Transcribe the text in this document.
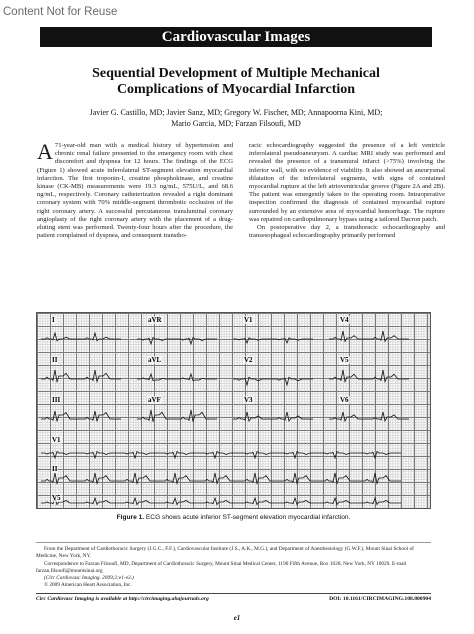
Content Not for Reuse
Cardiovascular Images
Sequential Development of Multiple Mechanical
Complications of Myocardial Infarction
Javier G. Castillo, MD; Javier Sanz, MD; Gregory W. Fischer, MD; Annapoorna Kini, MD;
Mario Garcia, MD; Farzan Filsoufi, MD

A 71-year-old man with a medical history of hypertension and chronic renal failure presented to the emergency room with chest discomfort and dyspnea for 12 hours. The findings of the ECG (Figure 1) showed acute inferolateral ST-segment elevation myocardial infarction. The first troponin-I, creatine phosphokinase, and creatine kinase (CK-MB) measurements were 19.3 ng/mL, 575U/L, and 68.6 ng/mL, respectively. Coronary catheterization revealed a right dominant coronary system with 70% middle-segment thrombotic occlusion of the right coronary artery. A successful percutaneous transluminal coronary angioplasty of the right coronary artery with the placement of a drug-eluting stent was performed. Twenty-four hours after the procedure, the patient complained of dyspnea, and consequent transtho-

racic echocardiography suggested the presence of a left ventricle inferolateral pseudoaneurysm. A cardiac MRI study was performed and revealed the presence of a transmural infarct (>75%) involving the inferior wall, with no evidence of viability. It also showed an aneurysmal dilatation of the inferolateral segments, with signs of contained myocardial rupture at the left atrioventricular groove (Figure 2A and 2B). The patient was emergently taken to the operating room. Intraoperative inspection confirmed the diagnosis of contained myocardial rupture surrounded by an extensive area of myocardial hemorrhage. The rupture was repaired on cardiopulmonary bypass using a tailored Dacron patch.

On postoperative day 2, a transthoracic echocardiography and transesophageal echocardiography primarily performed

I	aVR	V1	V4
II	aVL	V2	V5
III	aVF	V3	V6
V1
II
V5
Figure 1. ECG shows acute inferior ST-segment elevation myocardial infarction.

From the Department of Cardiothoracic Surgery (J.G.C., F.F.), Cardiovascular Institute (J.S., A.K., M.G.), and Department of Anesthesiology (G.W.F.), Mount Sinai School of Medicine, New York, NY.

Correspondence to Farzan Filsoufi, MD, Department of Cardiothoracic Surgery, Mount Sinai Medical Center, 1190 Fifth Avenue, Box 1028, New York, NY 10029. E-mail farzan.filsoufi@mountsinai.org

(Circ Cardiovasc Imaging. 2009;2:e1-e3.)

© 2009 American Heart Association, Inc.

Circ Cardiovasc Imaging is available at http://circimaging.ahajournals.org	DOI: 10.1161/CIRCIMAGING.108.800904
e1
